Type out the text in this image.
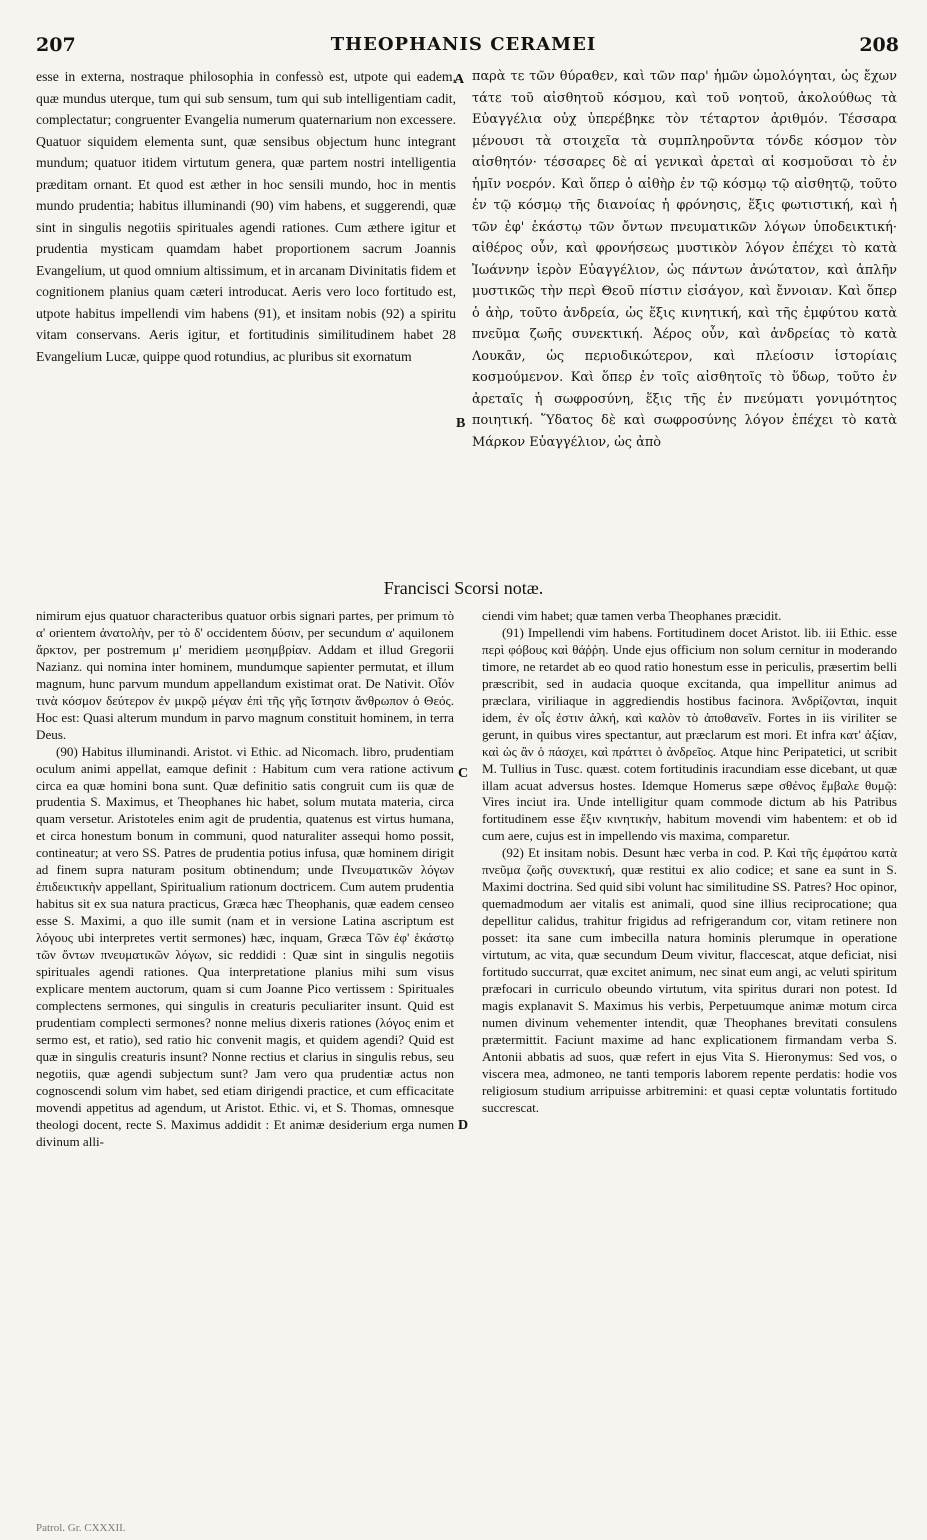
207	THEOPHANIS CERAMEI	208

esse in externa, nostraque philosophia in confessò est, utpote qui eadem, quæ mundus uterque, tum qui sub sensum, tum qui sub intelligentiam cadit, complectatur; congruenter Evangelia numerum quaternarium non excessere. Quatuor siquidem elementa sunt, quæ sensibus objectum hunc integrant mundum; quatuor itidem virtutum genera, quæ partem nostri intelligentia præditam ornant. Et quod est æther in hoc sensili mundo, hoc in mentis mundo prudentia; habitus illuminandi (90) vim habens, et suggerendi, quæ sint in singulis negotiis spirituales agendi rationes. Cum æthere igitur et prudentia mysticam quamdam habet proportionem sacrum Joannis Evangelium, ut quod omnium altissimum, et in arcanam Divinitatis fidem et cognitionem planius quam cæteri introducat. Aeris vero loco fortitudo est, utpote habitus impellendi vim habens (91), et insitam nobis (92) a spiritu vitam conservans. Aeris igitur, et fortitudinis similitudinem habet 28 Evangelium Lucæ, quippe quod rotundius, ac pluribus sit exornatum

παρὰ τε τῶν θύραθεν, καὶ τῶν παρ' ἡμῶν ὡμολόγηται, ὡς ἔχων τάτε τοῦ αἰσθητοῦ κόσμου, καὶ τοῦ νοητοῦ, ἀκολούθως τὰ Εὐαγγέλια οὐχ ὑπερέβηκε τὸν τέταρτον ἀριθμόν. Τέσσαρα μένουσι τὰ στοιχεῖα τὰ συμπληροῦντα τόνδε κόσμον τὸν αἰσθητόν· τέσσαρες δὲ αἱ γενικαὶ ἀρεταὶ αἱ κοσμοῦσαι τὸ ἐν ἡμῖν νοερόν. Καὶ ὅπερ ὁ αἰθὴρ ἐν τῷ κόσμῳ τῷ αἰσθητῷ, τοῦτο ἐν τῷ κόσμῳ τῆς διανοίας ἡ φρόνησις, ἕξις φωτιστική, καὶ ἡ τῶν ἐφ' ἑκάστῳ τῶν ὄντων πνευματικῶν λόγων ὑποδεικτική· αἰθέρος οὖν, καὶ φρονήσεως μυστικὸν λόγον ἐπέχει τὸ κατὰ Ἰωάννην ἱερὸν Εὐαγγέλιον, ὡς πάντων ἀνώτατον, καὶ ἁπλῆν μυστικῶς τὴν περὶ Θεοῦ πίστιν εἰσάγον, καὶ ἔννοιαν. Καὶ ὅπερ ὁ ἀὴρ, τοῦτο ἀνδρεία, ὡς ἕξις κινητική, καὶ τῆς ἐμφύτου κατὰ πνεῦμα ζωῆς συνεκτική. Ἀέρος οὖν, καὶ ἀνδρείας τὸ κατὰ Λουκᾶν, ὡς περιοδικώτερον, καὶ πλείοσιν ἱστορίαις κοσμούμενον. Καὶ ὅπερ ἐν τοῖς αἰσθητοῖς τὸ ὕδωρ, τοῦτο ἐν ἀρεταῖς ἡ σωφροσύνη, ἕξις τῆς ἐν πνεύματι γονιμότητος ποιητική. Ὕδατος δὲ καὶ σωφροσύνης λόγον ἐπέχει τὸ κατὰ Μάρκον Εὐαγγέλιον, ὡς ἀπὸ

A
B
C
D
Francisci Scorsi notæ.

nimirum ejus quatuor characteribus quatuor orbis signari partes, per primum τὸ α' orientem ἀνατολὴν, per τὸ δ' occidentem δύσιν, per secundum α' aquilonem ἄρκτον, per postremum μ' meridiem μεσημβρίαν. Addam et illud Gregorii Nazianz. qui nomina inter hominem, mundumque sapienter permutat, et illum magnum, hunc parvum mundum appellandum existimat orat. De Nativit. Οἷόν τινὰ κόσμον δεύτερον ἐν μικρῷ μέγαν ἐπὶ τῆς γῆς ἵστησιν ἄνθρωπον ὁ Θεός. Hoc est: Quasi alterum mundum in parvo magnum constituit hominem, in terra Deus.

(90) Habitus illuminandi. Aristot. vi Ethic. ad Nicomach. libro, prudentiam oculum animi appellat, eamque definit : Habitum cum vera ratione activum circa ea quæ homini bona sunt. Quæ definitio satis congruit cum iis quæ de prudentia S. Maximus, et Theophanes hic habet, solum mutata materia, circa quam versetur. Aristoteles enim agit de prudentia, quatenus est virtus humana, et circa honestum bonum in communi, quod naturaliter assequi homo possit, contineatur; at vero SS. Patres de prudentia potius infusa, quæ hominem dirigit ad finem supra naturam positum obtinendum; unde Πνευματικῶν λόγων ἐπιδεικτικὴν appellant, Spiritualium rationum doctricem. Cum autem prudentia habitus sit ex sua natura practicus, Græca hæc Theophanis, quæ eadem censeo esse S. Maximi, a quo ille sumit (nam et in versione Latina ascriptum est λόγους ubi interpretes vertit sermones) hæc, inquam, Græca Τῶν ἐφ' ἑκάστῳ τῶν ὄντων πνευματικῶν λόγων, sic reddidi : Quæ sint in singulis negotiis spirituales agendi rationes. Qua interpretatione planius mihi sum visus explicare mentem auctorum, quam si cum Joanne Pico vertissem : Spirituales complectens sermones, qui singulis in creaturis peculiariter insunt. Quid est prudentiam complecti sermones? nonne melius dixeris rationes (λόγος enim et sermo est, et ratio), sed ratio hic convenit magis, et quidem agendi? Quid est quæ in singulis creaturis insunt? Nonne rectius et clarius in singulis rebus, seu negotiis, quæ agendi subjectum sunt? Jam vero qua prudentiæ actus non cognoscendi solum vim habet, sed etiam dirigendi practice, et cum efficacitate movendi appetitus ad agendum, ut Aristot. Ethic. vi, et S. Thomas, omnesque theologi docent, recte S. Maximus addidit : Et animæ desiderium erga numen divinum alli-

ciendi vim habet; quæ tamen verba Theophanes præcidit.

(91) Impellendi vim habens. Fortitudinem docet Aristot. lib. iii Ethic. esse περὶ φόβους καὶ θάῤῥη. Unde ejus officium non solum cernitur in moderando timore, ne retardet ab eo quod ratio honestum esse in periculis, præsertim belli præscribit, sed in audacia quoque excitanda, qua impellitur animus ad præclara, viriliaque in aggrediendis hostibus facinora. Ἀνδρίζονται, inquit idem, ἐν οἷς ἐστιν ἀλκή, καὶ καλὸν τὸ ἀποθανεῖν. Fortes in iis viriliter se gerunt, in quibus vires spectantur, aut præclarum est mori. Et infra κατ' ἀξίαν, καὶ ὡς ἂν ὁ πάσχει, καὶ πράττει ὁ ἀνδρεῖος. Atque hinc Peripatetici, ut scribit M. Tullius in Tusc. quæst. cotem fortitudinis iracundiam esse dicebant, ut quæ illam acuat adversus hostes. Idemque Homerus sæpe σθένος ἔμβαλε θυμῷ: Vires inciut ira. Unde intelligitur quam commode dictum ab his Patribus fortitudinem esse ἕξιν κινητικὴν, habitum movendi vim habentem: et ob id cum aere, cujus est in impellendo vis maxima, comparetur.

(92) Et insitam nobis. Desunt hæc verba in cod. P. Καὶ τῆς ἐμφάτου κατὰ πνεῦμα ζωῆς συνεκτική, quæ restitui ex alio codice; et sane ea sunt in S. Maximi doctrina. Sed quid sibi volunt hac similitudine SS. Patres? Hoc opinor, quemadmodum aer vitalis est animali, quod sine illius reciprocatione; qua depellitur calidus, trahitur frigidus ad refrigerandum cor, vitam retinere non posset: ita sane cum imbecilla natura hominis plerumque in operatione virtutum, ac vita, quæ secundum Deum vivitur, flaccescat, atque deficiat, nisi fortitudo succurrat, quæ excitet animum, nec sinat eum angi, ac veluti spiritum præfocari in curriculo obeundo virtutum, vita spiritus durari non potest. Id magis explanavit S. Maximus his verbis, Perpetuumque animæ motum circa numen divinum vehementer intendit, quæ Theophanes brevitati consulens prætermittit. Faciunt maxime ad hanc explicationem firmandam verba S. Antonii abbatis ad suos, quæ refert in ejus Vita S. Hieronymus: Sed vos, o viscera mea, admoneo, ne tanti temporis laborem repente perdatis: hodie vos religiosum studium arripuisse arbitremini: et quasi ceptæ voluntatis fortitudo succrescat.

Patrol. Gr. CXXXII.
